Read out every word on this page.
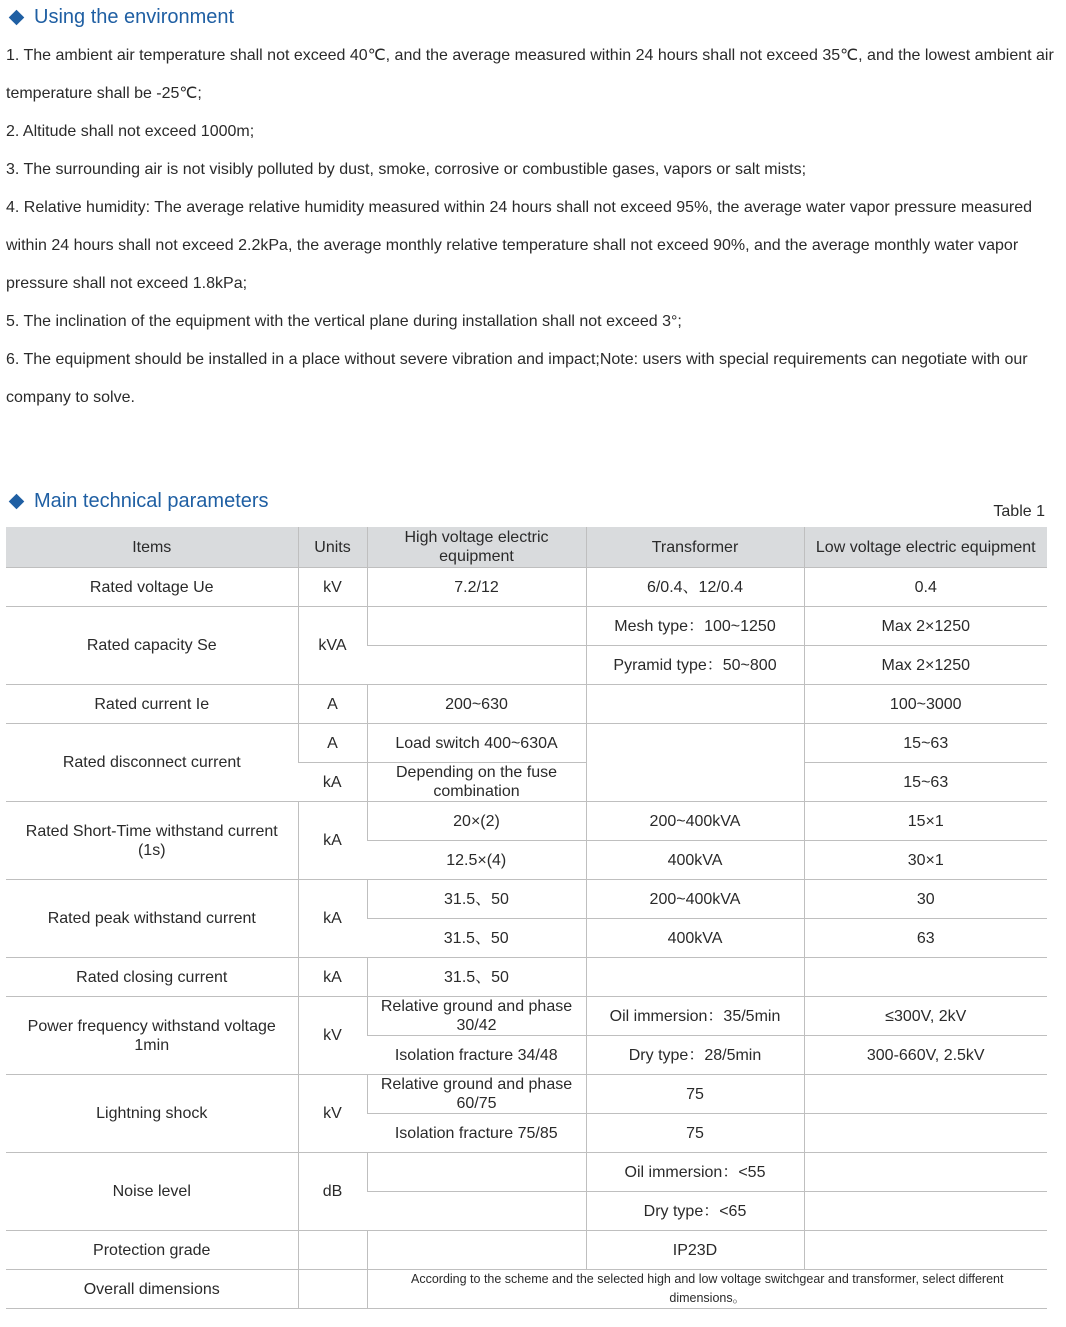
Using the environment

1. The ambient air temperature shall not exceed 40℃, and the average measured within 24 hours shall not exceed 35℃, and the lowest ambient air temperature shall be -25℃;

2. Altitude shall not exceed 1000m;

3. The surrounding air is not visibly polluted by dust, smoke, corrosive or combustible gases, vapors or salt mists;

4. Relative humidity: The average relative humidity measured within 24 hours shall not exceed 95%, the average water vapor pressure measured within 24 hours shall not exceed 2.2kPa, the average monthly relative temperature shall not exceed 90%, and the average monthly water vapor pressure shall not exceed 1.8kPa;

5. The inclination of the equipment with the vertical plane during installation shall not exceed 3°;

6. The equipment should be installed in a place without severe vibration and impact;Note: users with special requirements can negotiate with our company to solve.

Main technical parameters	Table 1
Items	Units	High voltage electric equipment	Transformer	Low voltage electric equipment
Rated voltage Ue	kV	7.2/12	6/0.4、12/0.4	0.4
Rated capacity Se	kVA		Mesh type：100~1250	Max 2×1250
			Pyramid type：50~800	Max 2×1250
Rated current Ie	A	200~630		100~3000
Rated disconnect current	A	Load switch 400~630A		15~63
	kA	Depending on the fuse combination		15~63
Rated Short-Time withstand current (1s)	kA	20×(2)	200~400kVA	15×1
		12.5×(4)	400kVA	30×1
Rated peak withstand current	kA	31.5、50	200~400kVA	30
		31.5、50	400kVA	63
Rated closing current	kA	31.5、50		
Power frequency withstand voltage 1min	kV	Relative ground and phase 30/42	Oil immersion：35/5min	≤300V, 2kV
		Isolation fracture 34/48	Dry type：28/5min	300-660V, 2.5kV
Lightning shock	kV	Relative ground and phase 60/75	75	
		Isolation fracture 75/85	75	
Noise level	dB		Oil immersion：<55	
			Dry type：<65	
Protection grade			IP23D	
Overall dimensions		According to the scheme and the selected high and low voltage switchgear and transformer, select different dimensions。		
